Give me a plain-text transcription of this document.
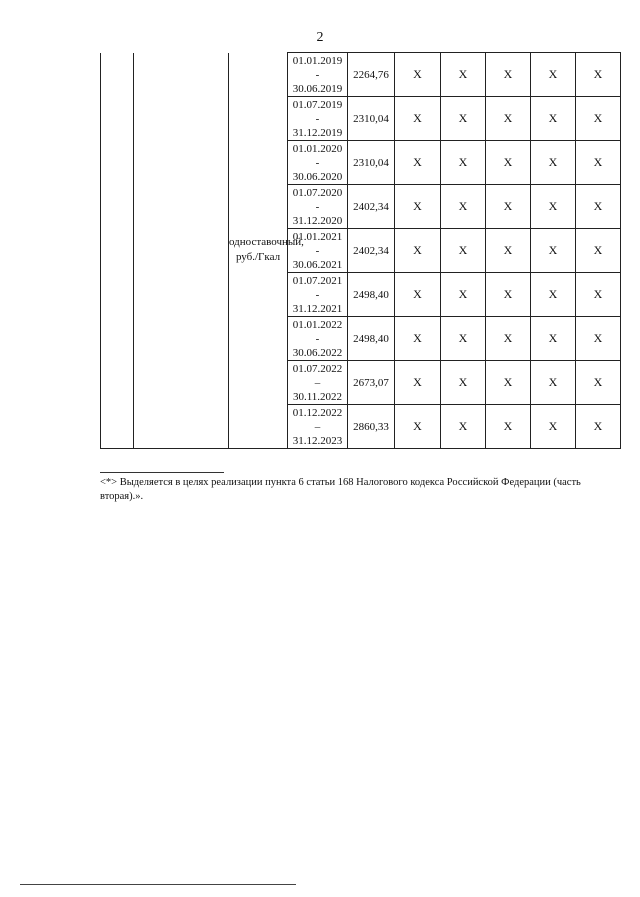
2
		одноставочный, руб./Гкал	01.01.2019
-
30.06.2019	2264,76	X	X	X	X	X

			01.07.2019
-
31.12.2019	2310,04	X	X	X	X	X

			01.01.2020
-
30.06.2020	2310,04	X	X	X	X	X

			01.07.2020
-
31.12.2020	2402,34	X	X	X	X	X

			01.01.2021
-
30.06.2021	2402,34	X	X	X	X	X

			01.07.2021
-
31.12.2021	2498,40	X	X	X	X	X

			01.01.2022
-
30.06.2022	2498,40	X	X	X	X	X

			01.07.2022
–
30.11.2022	2673,07	X	X	X	X	X

			01.12.2022
–
31.12.2023	2860,33	X	X	X	X	X
<*> Выделяется в целях реализации пункта 6 статьи 168 Налогового кодекса Российской Федерации (часть вторая).».
